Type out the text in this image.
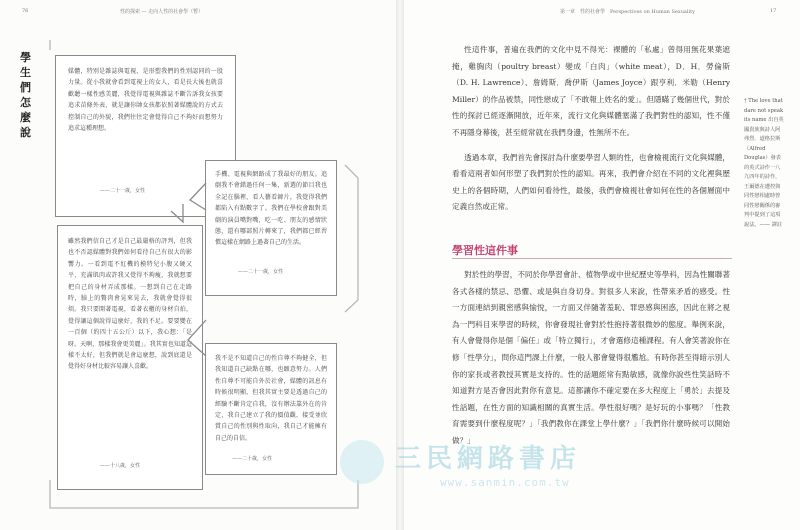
76	性的探索 — 走向人性的社會學（暫）	第一章　性的社會學　Perspectives on Human Sexuality	17
學生們怎麼說

媒體，特別是雜誌與電視，是形塑我們的性別認同的一股力量。從小我就會看到電視上的女人，看是長大後也就喜歡聽一樣性感美麗，我覺得電視與雜誌不斷告訴我女孩要追求苗條外表，就是讓你帥女孩都依照著媒體說的方式去控制自己的外貌，我們往往定會覺得自己不夠好而想努力追求這種理想。

——二十一歲，女性

手機、電視與網路成了我最好的朋友。追劇我不會錯過任何一集，新選的節目我也全記在腦裡，看人藝看韓片，我覺得我們都陷入有點數字了。我們在學校會跟對美劇的演員嘴對嘴，吃一吃、朋友的感情狀態，還有哪部照片轉來了，我們都已經習慣這樣在網路上過著自己的生活。

——二十一歲，女性

雖然我們信自己才是自己最嚴格的評判，但我也不否認媒體對我們如何看待自己有很大的影響力。一看到電不紅機的模特兒小腹又硬又平，充滿肌肉或許我又覺得不夠瘦，我就想要把自己的身材弄成那樣。一想到自己在走路時，臉上的贅肉會晃來晃去，我就會覺得很煩。我只要開著電視，看著衣櫃的身材自拍，覺得讓這個說得這麼好，我的不足。要要變在一百個（約四十五公斤）以下，我心想：「是呀，天啊，那樣我會更美麗」。我其實也知道這樣不太好，但我們就是會這麼想，說到底還是覺得好身材比較容易讓人喜歡。

——十八歲，女性

我不是不知道自己的性自尊不夠健全，但我知道自己缺點在哪，也願意努力。人們性自尊不可能自外於社會，媒體的訊息有時候很明顯，但我其實主要是透過自己的經驗不斷肯定自我，沒有辦法靠外在的肯定，我自己建立了我的價值觀，接受並欣賞自己的性別與性取向，我自己才能擁有自己的自信。

——二十歲，女性

性這件事，普遍在我們的文化中見不得光：裸體的「私處」曾得用無花果葉遮掩，雞胸肉（poultry breast）變成「白肉」（white meat），D．H．勞倫斯（D. H. Lawrence）、詹姆斯．喬伊斯（James Joyce）跟亨利．米勒（Henry Miller）的作品被禁，同性戀成了「不敢報上姓名的愛」。但隱瞞了幾個世代，對於性的探討已經逐漸開放，近年來，流行文化與媒體塞滿了我們對性的認知，性不僅不再隱身幕後，甚至經常就在我們身邊，性無所不在。

透過本章，我們首先會探討為什麼要學習人類的性，也會檢視流行文化與媒體，看看這兩者如何形塑了我們對於性的認知。再來，我們會介紹在不同的文化裡與歷史上的各個時期，人們如何看待性，最後，我們會檢視社會如何在性的各個層面中定義自然或正常。

學習性這件事

對於性的學習，不同於你學習會計、植物學或中世紀歷史等學科，因為性關聯著各式各樣的禁忌、恐懼、或是與自身切身。對很多人來說，性帶來矛盾的感受。性一方面連結到親密感與愉悅，一方面又伴隨著羞恥、罪惡感與困惑，因此在將之視為一門科目來學習的時候，你會發現社會對於性抱持著很微妙的態度。舉例來說，有人會覺得你是個「偏任」或「特立獨行」，才會選修這種課程。有人會笑著說你在修「性學分」，問你這門課上什麼，一般人都會覺得很尷尬。有時你甚至得暗示別人你的家長或者教授其實是支持的。性的話題經常有點敏感，就像你說些性笑話時不知道對方是否會因此對你有意見。這都讓你不確定要在多大程度上「勇於」去提及性話題，在性方面的知識相關的真實生活。學性很好嗎？是好玩的小事嗎？「性教育需要到什麼程度呢？」「我們教你在課堂上學什麼？」「我們你什麼時候可以開始做？」

† The love that dare not speak its name 出自英國貴族與詩人阿弗烈．道格拉斯（Alfred Douglas）發表的英式詩作一八九四年的詩作，王爾德在遭控與同性戀相處時曾同性戀關係的審判中提到了這項說法。—— 譯註
三民網路書店
www.sanmin.com.tw
